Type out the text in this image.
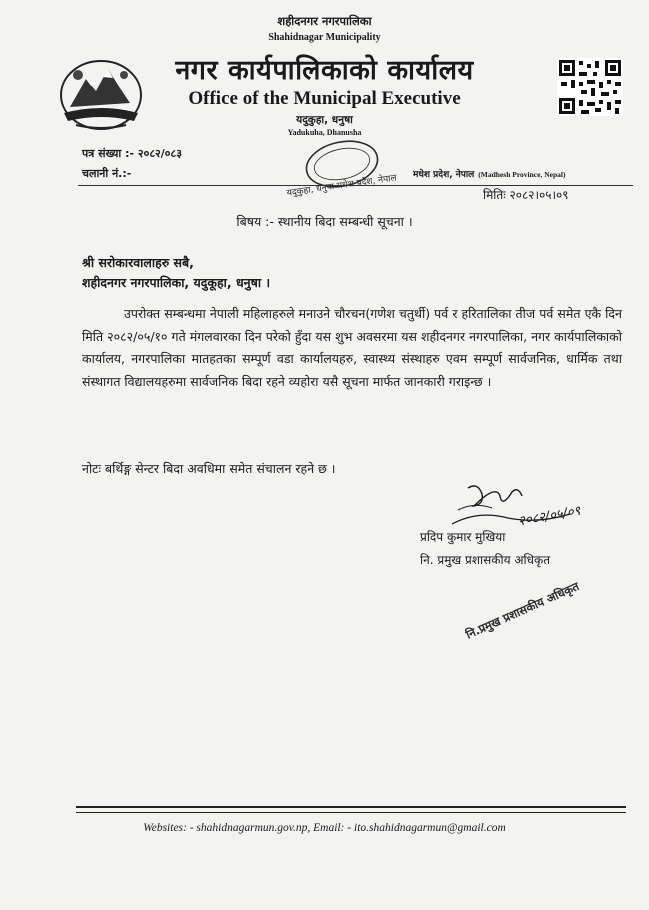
शहीदनगर नगरपालिका
Shahidnagar Municipality
नगर कार्यपालिकाको कार्यालय
Office of the Municipal Executive
यदुकुहा, धनुषा
Yadukuha, Dhanusha
यदुकुहा, धनुषा मधेश प्रदेश, नेपाल
पत्र संख्या :- २०८२/०८३
चलानी नं.:-	मधेश प्रदेश, नेपाल (Madhesh Province, Nepal)
मितिः २०८२।०५।०९
बिषय :- स्थानीय बिदा सम्बन्धी सूचना ।
श्री सरोकारवालाहरु सबै,
शहीदनगर नगरपालिका, यदुकूहा, धनुषा ।
उपरोक्त सम्बन्धमा नेपाली महिलाहरुले मनाउने चौरचन(गणेश चतुर्थी) पर्व र हरितालिका तीज पर्व समेत एकै दिन मिति २०८२/०५/१० गते मंगलवारका दिन परेको हुँदा यस शुभ अवसरमा यस शहीदनगर नगरपालिका, नगर कार्यपालिकाको कार्यालय, नगरपालिका मातहतका सम्पूर्ण वडा कार्यालयहरु, स्वास्थ्य संस्थाहरु एवम सम्पूर्ण सार्वजनिक, धार्मिक तथा संस्थागत विद्यालयहरुमा सार्वजनिक बिदा रहने व्यहोरा यसै सूचना मार्फत जानकारी गराइन्छ ।
नोटः बर्थिङ्ग सेन्टर बिदा अवधिमा समेत संचालन रहने छ ।
२०८२/०५/०९
प्रदिप कुमार मुखिया
नि. प्रमुख प्रशासकीय अधिकृत
नि.प्रमुख प्रशासकीय अधिकृत
Websites: - shahidnagarmun.gov.np, Email: - ito.shahidnagarmun@gmail.com
